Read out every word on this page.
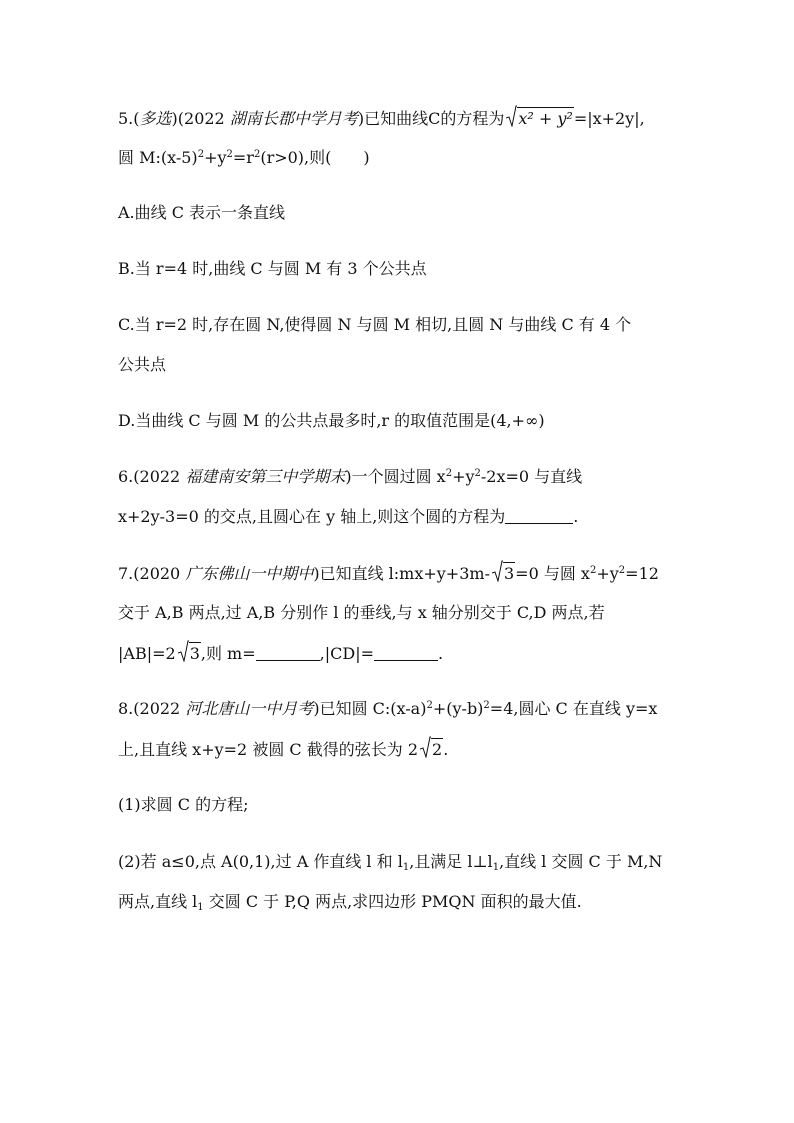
5.(多选)(2022 湖南长郡中学月考)已知曲线C的方程为 x² + y²=|x+2y|,
圆 $M:(x-5)^2+y^2=r^2(r>0)$,则(　　)
A.曲线 C 表示一条直线
B.当 r=4 时,曲线 C 与圆 M 有 3 个公共点
C.当 r=2 时,存在圆 N,使得圆 N 与圆 M 相切,且圆 N 与曲线 C 有 4 个
公共点
D.当曲线 C 与圆 M 的公共点最多时,r 的取值范围是(4,+∞)
6.(2022 福建南安第三中学期末)一个圆过圆 $x^2+y^2-2x=0$ 与直线
x+2y-3=0 的交点,且圆心在 y 轴上,则这个圆的方程为	.
7.(2020 广东佛山一中期中)已知直线 l:mx+y+3m- 3=0 与圆 $x^2+y^2=12$
交于 A,B 两点,过 A,B 分别作 l 的垂线,与 x 轴分别交于 C,D 两点,若
|AB|=2 3,则 m=	,|CD|=	.
8.(2022 河北唐山一中月考)已知圆 $C:(x-a)^2+(y-b)^2=4$,圆心 C 在直线 y=x
上,且直线 x+y=2 被圆 C 截得的弦长为 2 2.
(1)求圆 C 的方程;
(2)若 a≤0,点 A(0,1),过 A 作直线 l 和 $l_1$,且满足 $l\perp l_1$,直线 l 交圆 C 于 M,N
两点,直线 $l_1$ 交圆 C 于 P,Q 两点,求四边形 PMQN 面积的最大值.
